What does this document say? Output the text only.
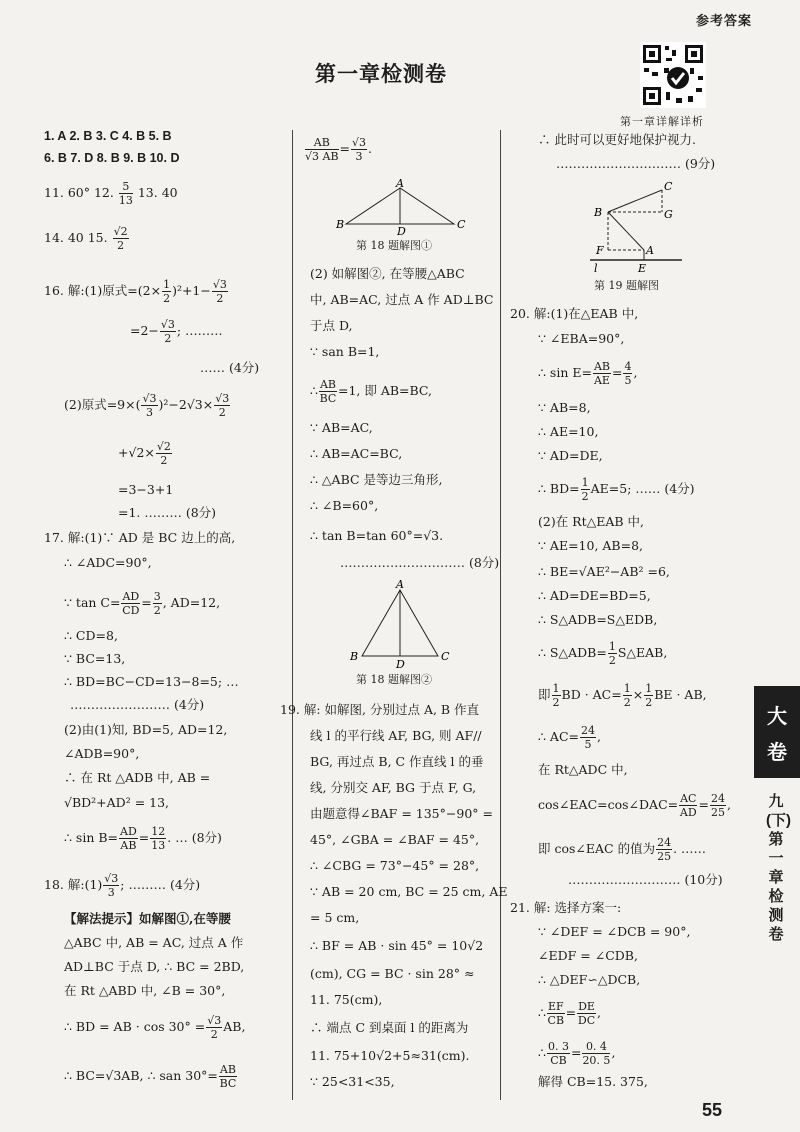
参考答案
第一章检测卷
第一章详解详析
1. A 2. B 3. C 4. B 5. B
6. B 7. D 8. B 9. B 10. D
11. 60° 12. $\frac{5}{13} 13$. 40
14. 40 15. $\frac{√2}{2}$
16. 解:(1)原式$=(2\times \frac{1}{2} )^2+1- \frac{√3}{2}$
$=2- \frac{√3}{2}$ ; ………
…… (4分)
(2)原式$=9\times( \frac{√3}{3} )^2-2√3\times \frac{√3}{2}$
$+√2\times \frac{√2}{2}$
=3−3+1
=1. ……… (8分)
17. 解:(1)∵ AD 是 BC 边上的高,
∴ ∠ADC=90°,
∵ $\tan C= \frac{AD}{CD} = \frac{3}{2}$ , AD=12,
∴ CD=8,
∵ BC=13,
∴ BD=BC−CD=13−8=5; …
…………………… (4分)
(2)由(1)知, BD=5, AD=12,
∠ADB=90°,
∴ 在 Rt △ADB 中, AB =
√BD²+AD² = 13,
∴ $\sin B= \frac{AD}{AB} = \frac{12}{13}$ . … (8分)
18. 解:(1) $\frac{√3}{3}$ ; ……… (4分)
【解法提示】如解图①,在等腰
△ABC 中, AB = AC, 过点 A 作
AD⊥BC 于点 D, ∴ BC = 2BD,
在 Rt △ABD 中, ∠B = 30°,
∴ BD = AB · $\cos 30^\circ = \frac{√3}{2}$ AB,
∴ BC=√3AB, ∴ san $30^\circ= \frac{AB}{BC}$
$\frac{AB}{√3 AB} = \frac{√3}{3}$ .
A
B	C
D
第 18 题解图①
(2) 如解图②, 在等腰△ABC
中, AB=AC, 过点 A 作 AD⊥BC
于点 D,
∵ san B=1,
∴ $\frac{AB}{BC} =1$, 即 AB=BC,
∵ AB=AC,
∴ AB=AC=BC,
∴ △ABC 是等边三角形,
∴ ∠B=60°,
∴ tan B=tan 60°=√3.
………………………… (8分)
A
B	C
D
第 18 题解图②
19. 解: 如解图, 分别过点 A, B 作直
线 l 的平行线 AF, BG, 则 AF//
BG, 再过点 B, C 作直线 l 的垂
线, 分别交 AF, BG 于点 F, G,
由题意得∠BAF = 135°−90° =
45°, ∠GBA = ∠BAF = 45°,
∴ ∠CBG = 73°−45° = 28°,
∵ AB = 20 cm, BC = 25 cm, AE
= 5 cm,
∴ BF = AB · sin 45° = 10√2
(cm), CG = BC · sin 28° ≈
11. 75(cm),
∴ 端点 C 到桌面 l 的距离为
11. 75+10√2+5≈31(cm).
∵ 25<31<35,
∴ 此时可以更好地保护视力.
………………………… (9分)
C
B	G
F	A
l	E
第 19 题解图
20. 解:(1)在△EAB 中,
∵ ∠EBA=90°,
∴ $\sin E= \frac{AB}{AE} = \frac{4}{5}$ ,
∵ AB=8,
∴ AE=10,
∵ AD=DE,
∴ $BD= \frac{1}{2} AE=5$; …… (4分)
(2)在 Rt△EAB 中,
∵ AE=10, AB=8,
∴ BE=√AE²−AB² =6,
∴ AD=DE=BD=5,
∴ S△ADB=S△EDB,
∴ S△ADB= $\frac{1}{2}$ S△EAB,
即 $\frac{1}{2}$ BD · $AC= \frac{1}{2} \times \frac{1}{2}$ BE · AB,
∴ $AC= \frac{24}{5}$ ,
在 Rt△ADC 中,
cos∠EAC=cos∠DAC= $\frac{AC}{AD} = \frac{24}{25}$ ,
即 cos∠EAC 的值为 $\frac{24}{25}$ . ……
……………………… (10分)
21. 解: 选择方案一:
∵ ∠DEF = ∠DCB = 90°,
∠EDF = ∠CDB,
∴ △DEF∽△DCB,
∴ $\frac{EF}{CB} = \frac{DE}{DC}$ ,
∴ $\frac{0. 3}{CB} = \frac{0. 4}{20. 5}$ ,
解得 CB=15. 375,
大
卷
九(下)第一章检测卷
55
